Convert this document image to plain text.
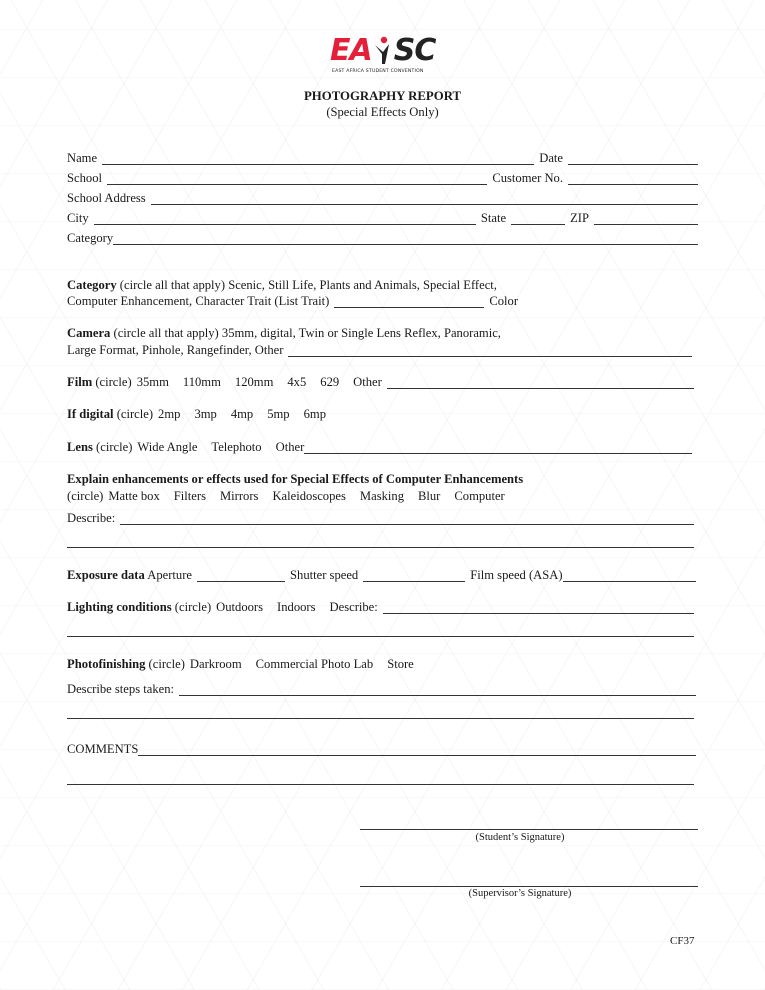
EA SC
EAST AFRICA STUDENT CONVENTION
PHOTOGRAPHY REPORT
(Special Effects Only)
Name	Date
School	Customer No.
School Address
City	State	ZIP
Category
Category (circle all that apply) Scenic, Still Life, Plants and Animals, Special Effect,
Computer Enhancement, Character Trait (List Trait)	Color
Camera (circle all that apply) 35mm, digital, Twin or Single Lens Reflex, Panoramic,
Large Format, Pinhole, Rangefinder, Other
Film (circle) 35mm 110mm 120mm 4x5 629 Other
If digital (circle) 2mp 3mp 4mp 5mp 6mp
Lens (circle) Wide Angle Telephoto Other
Explain enhancements or effects used for Special Effects of Computer Enhancements
(circle) Matte box Filters Mirrors Kaleidoscopes Masking Blur Computer
Describe:
Exposure data Aperture	Shutter speed	Film speed (ASA)
Lighting conditions (circle) Outdoors Indoors Describe:
Photofinishing (circle) Darkroom Commercial Photo Lab Store
Describe steps taken:
COMMENTS
(Student’s Signature)
(Supervisor’s Signature)
CF37
